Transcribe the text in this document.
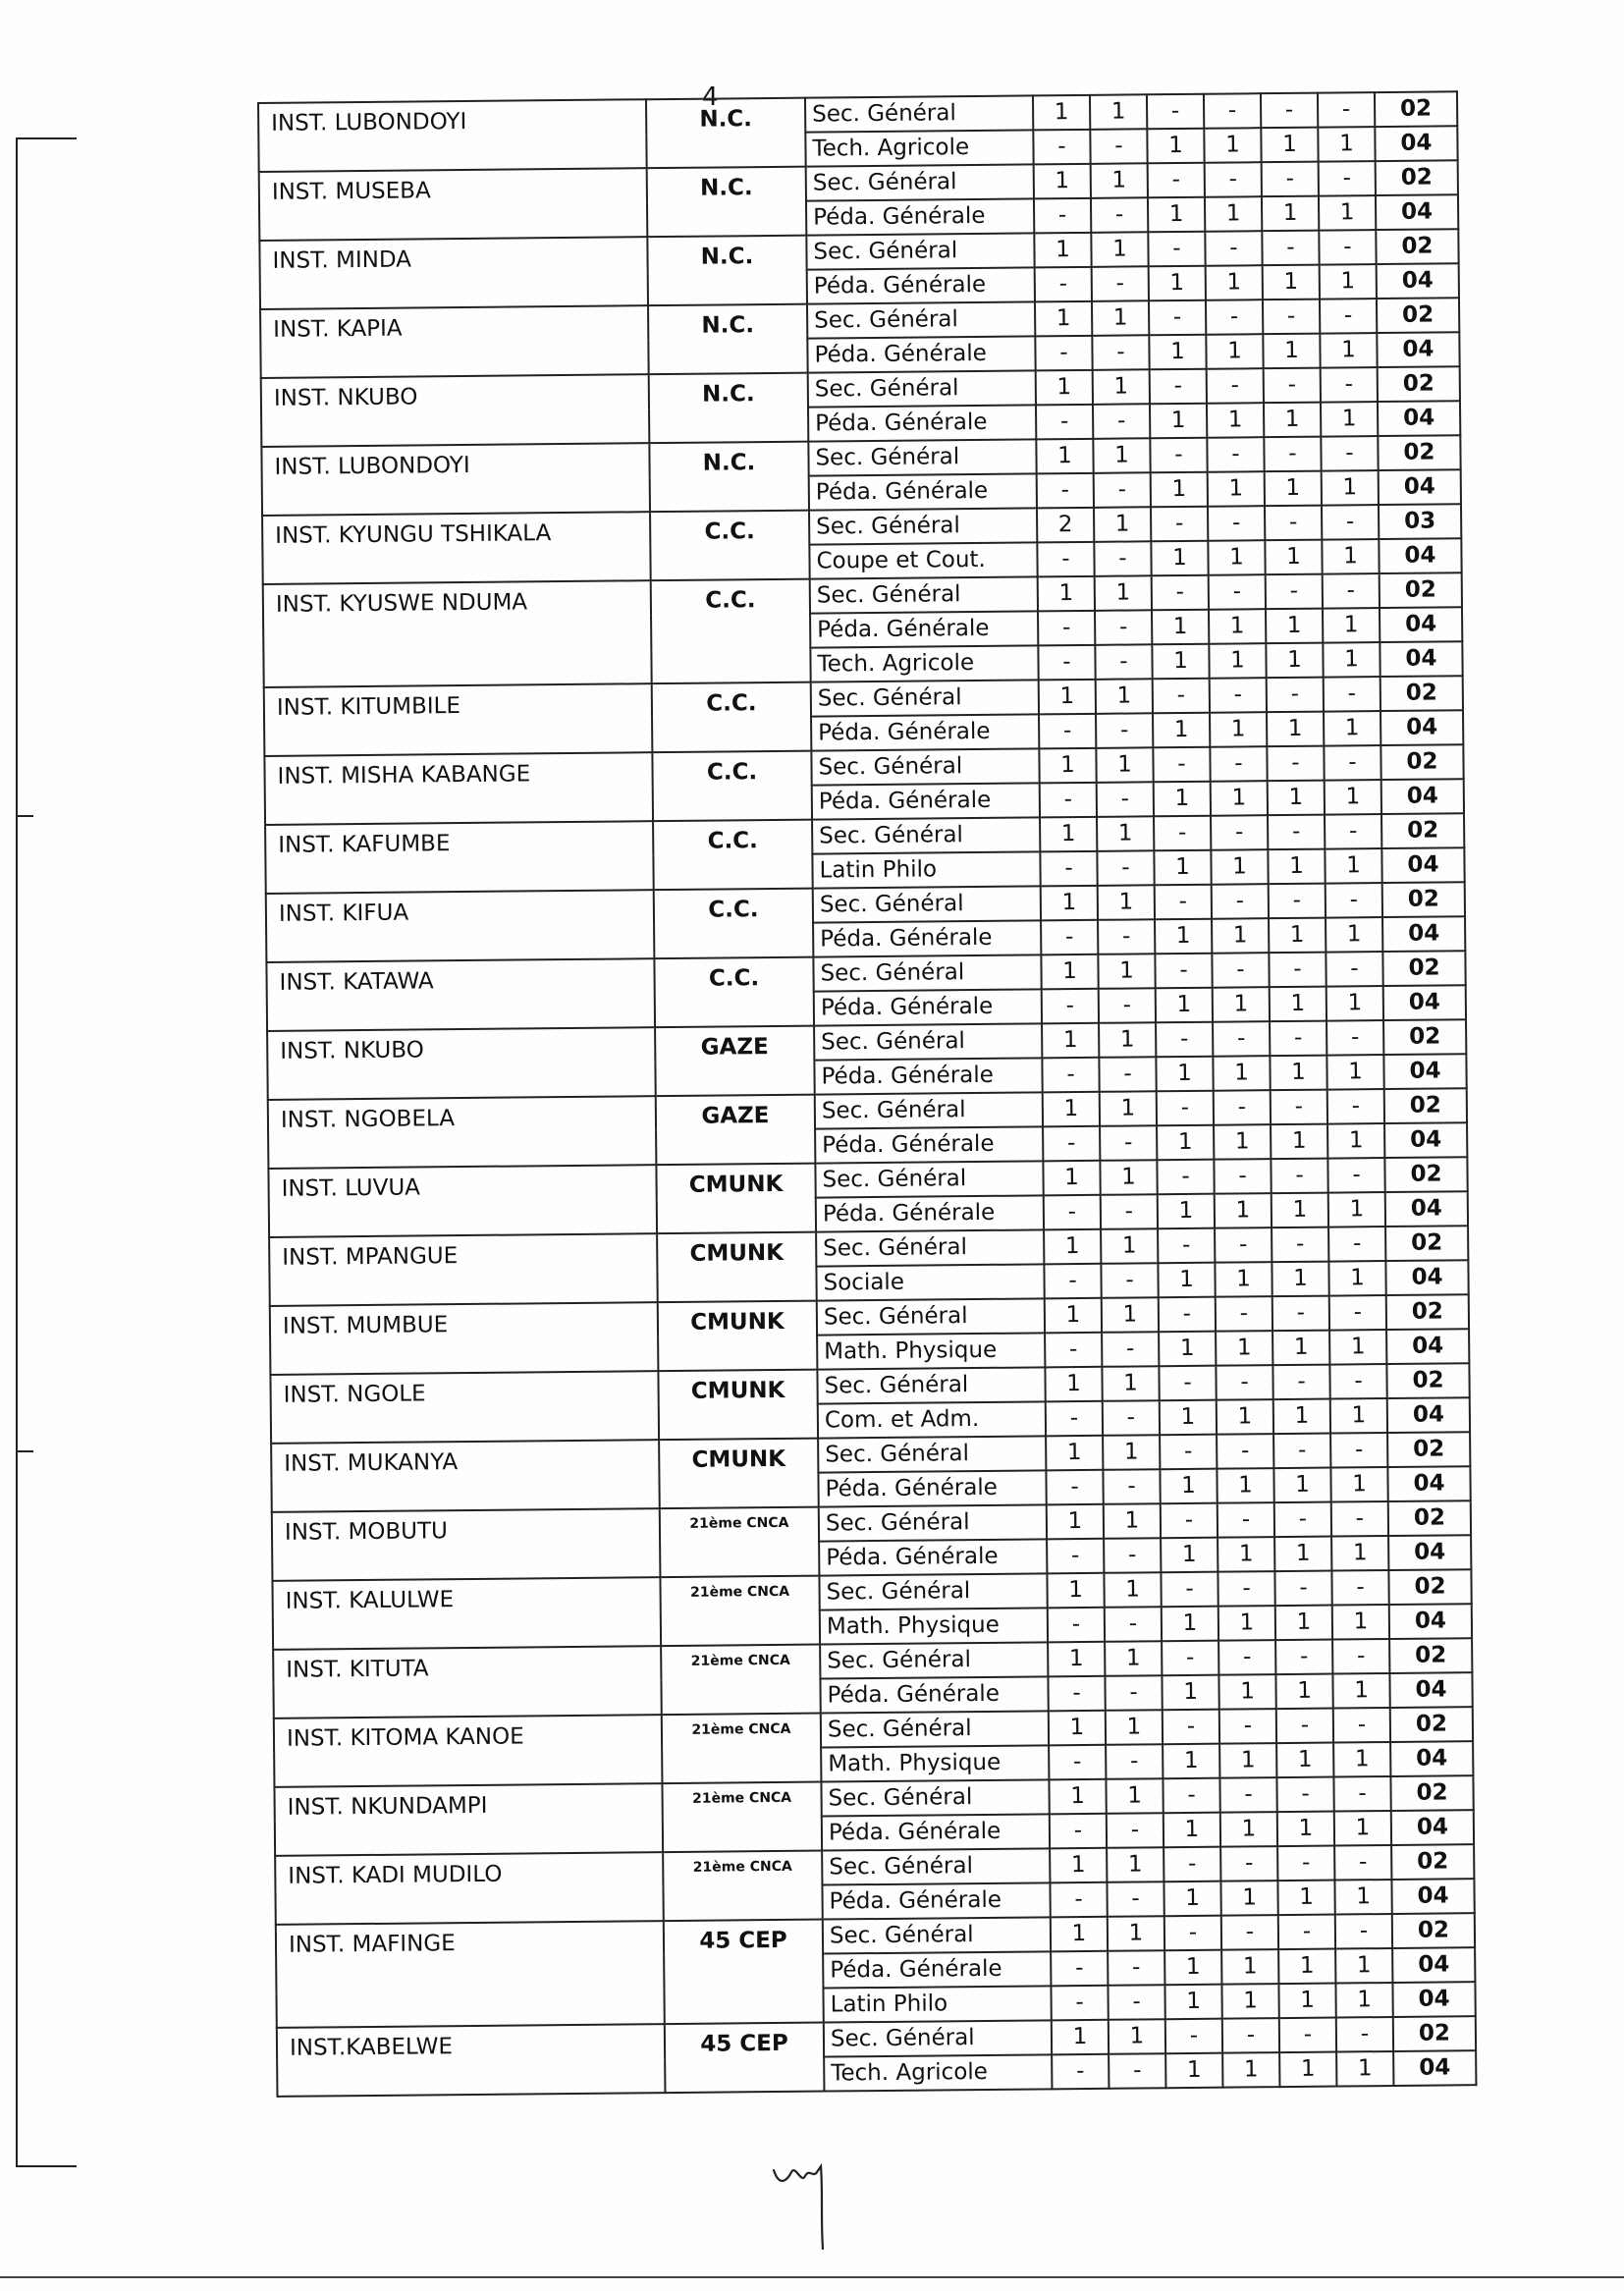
4
INST. LUBONDOYI	N.C.	Sec. Général	1	1	-	-	-	-	02
		Tech. Agricole	-	-	1	1	1	1	04
INST. MUSEBA	N.C.	Sec. Général	1	1	-	-	-	-	02
		Péda. Générale	-	-	1	1	1	1	04
INST. MINDA	N.C.	Sec. Général	1	1	-	-	-	-	02
		Péda. Générale	-	-	1	1	1	1	04
INST. KAPIA	N.C.	Sec. Général	1	1	-	-	-	-	02
		Péda. Générale	-	-	1	1	1	1	04
INST. NKUBO	N.C.	Sec. Général	1	1	-	-	-	-	02
		Péda. Générale	-	-	1	1	1	1	04
INST. LUBONDOYI	N.C.	Sec. Général	1	1	-	-	-	-	02
		Péda. Générale	-	-	1	1	1	1	04
INST. KYUNGU TSHIKALA	C.C.	Sec. Général	2	1	-	-	-	-	03
		Coupe et Cout.	-	-	1	1	1	1	04
INST. KYUSWE NDUMA	C.C.	Sec. Général	1	1	-	-	-	-	02
		Péda. Générale	-	-	1	1	1	1	04
		Tech. Agricole	-	-	1	1	1	1	04
INST. KITUMBILE	C.C.	Sec. Général	1	1	-	-	-	-	02
		Péda. Générale	-	-	1	1	1	1	04
INST. MISHA KABANGE	C.C.	Sec. Général	1	1	-	-	-	-	02
		Péda. Générale	-	-	1	1	1	1	04
INST. KAFUMBE	C.C.	Sec. Général	1	1	-	-	-	-	02
		Latin Philo	-	-	1	1	1	1	04
INST. KIFUA	C.C.	Sec. Général	1	1	-	-	-	-	02
		Péda. Générale	-	-	1	1	1	1	04
INST. KATAWA	C.C.	Sec. Général	1	1	-	-	-	-	02
		Péda. Générale	-	-	1	1	1	1	04
INST. NKUBO	GAZE	Sec. Général	1	1	-	-	-	-	02
		Péda. Générale	-	-	1	1	1	1	04
INST. NGOBELA	GAZE	Sec. Général	1	1	-	-	-	-	02
		Péda. Générale	-	-	1	1	1	1	04
INST. LUVUA	CMUNK	Sec. Général	1	1	-	-	-	-	02
		Péda. Générale	-	-	1	1	1	1	04
INST. MPANGUE	CMUNK	Sec. Général	1	1	-	-	-	-	02
		Sociale	-	-	1	1	1	1	04
INST. MUMBUE	CMUNK	Sec. Général	1	1	-	-	-	-	02
		Math. Physique	-	-	1	1	1	1	04
INST. NGOLE	CMUNK	Sec. Général	1	1	-	-	-	-	02
		Com. et Adm.	-	-	1	1	1	1	04
INST. MUKANYA	CMUNK	Sec. Général	1	1	-	-	-	-	02
		Péda. Générale	-	-	1	1	1	1	04
INST. MOBUTU	21ème CNCA	Sec. Général	1	1	-	-	-	-	02
		Péda. Générale	-	-	1	1	1	1	04
INST. KALULWE	21ème CNCA	Sec. Général	1	1	-	-	-	-	02
		Math. Physique	-	-	1	1	1	1	04
INST. KITUTA	21ème CNCA	Sec. Général	1	1	-	-	-	-	02
		Péda. Générale	-	-	1	1	1	1	04
INST. KITOMA KANOE	21ème CNCA	Sec. Général	1	1	-	-	-	-	02
		Math. Physique	-	-	1	1	1	1	04
INST. NKUNDAMPI	21ème CNCA	Sec. Général	1	1	-	-	-	-	02
		Péda. Générale	-	-	1	1	1	1	04
INST. KADI MUDILO	21ème CNCA	Sec. Général	1	1	-	-	-	-	02
		Péda. Générale	-	-	1	1	1	1	04
INST. MAFINGE	45 CEP	Sec. Général	1	1	-	-	-	-	02
		Péda. Générale	-	-	1	1	1	1	04
		Latin Philo	-	-	1	1	1	1	04
INST.KABELWE	45 CEP	Sec. Général	1	1	-	-	-	-	02
		Tech. Agricole	-	-	1	1	1	1	04
